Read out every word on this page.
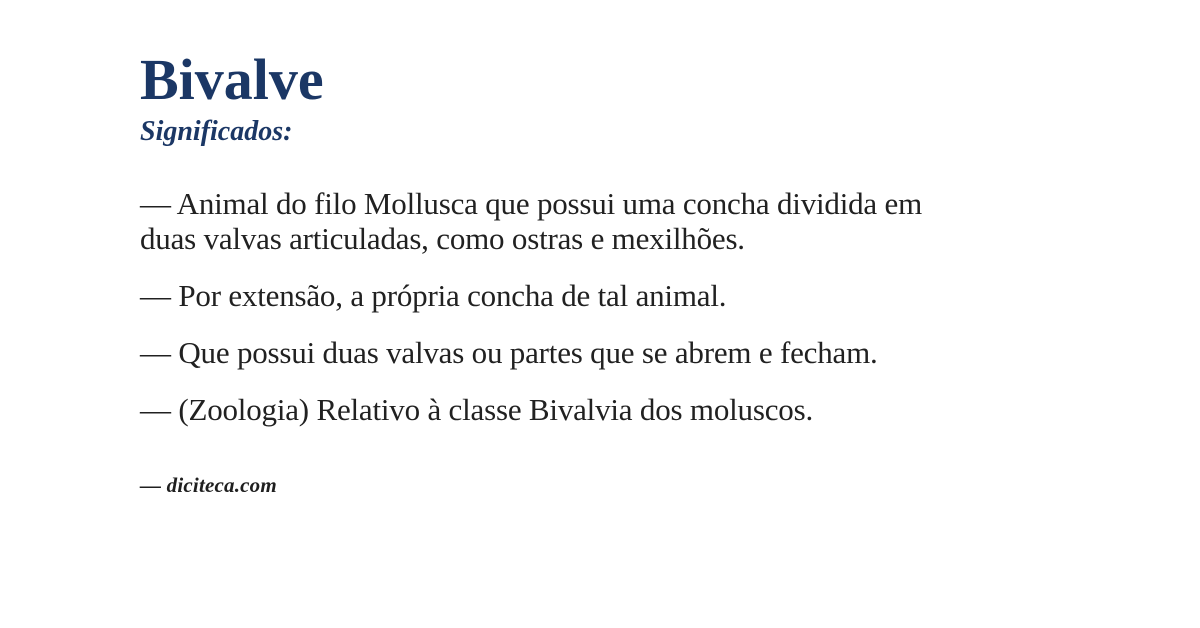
Bivalve
Significados:

— Animal do filo Mollusca que possui uma concha dividida em duas valvas articuladas, como ostras e mexilhões.

— Por extensão, a própria concha de tal animal.

— Que possui duas valvas ou partes que se abrem e fecham.

— (Zoologia) Relativo à classe Bivalvia dos moluscos.

— diciteca.com
